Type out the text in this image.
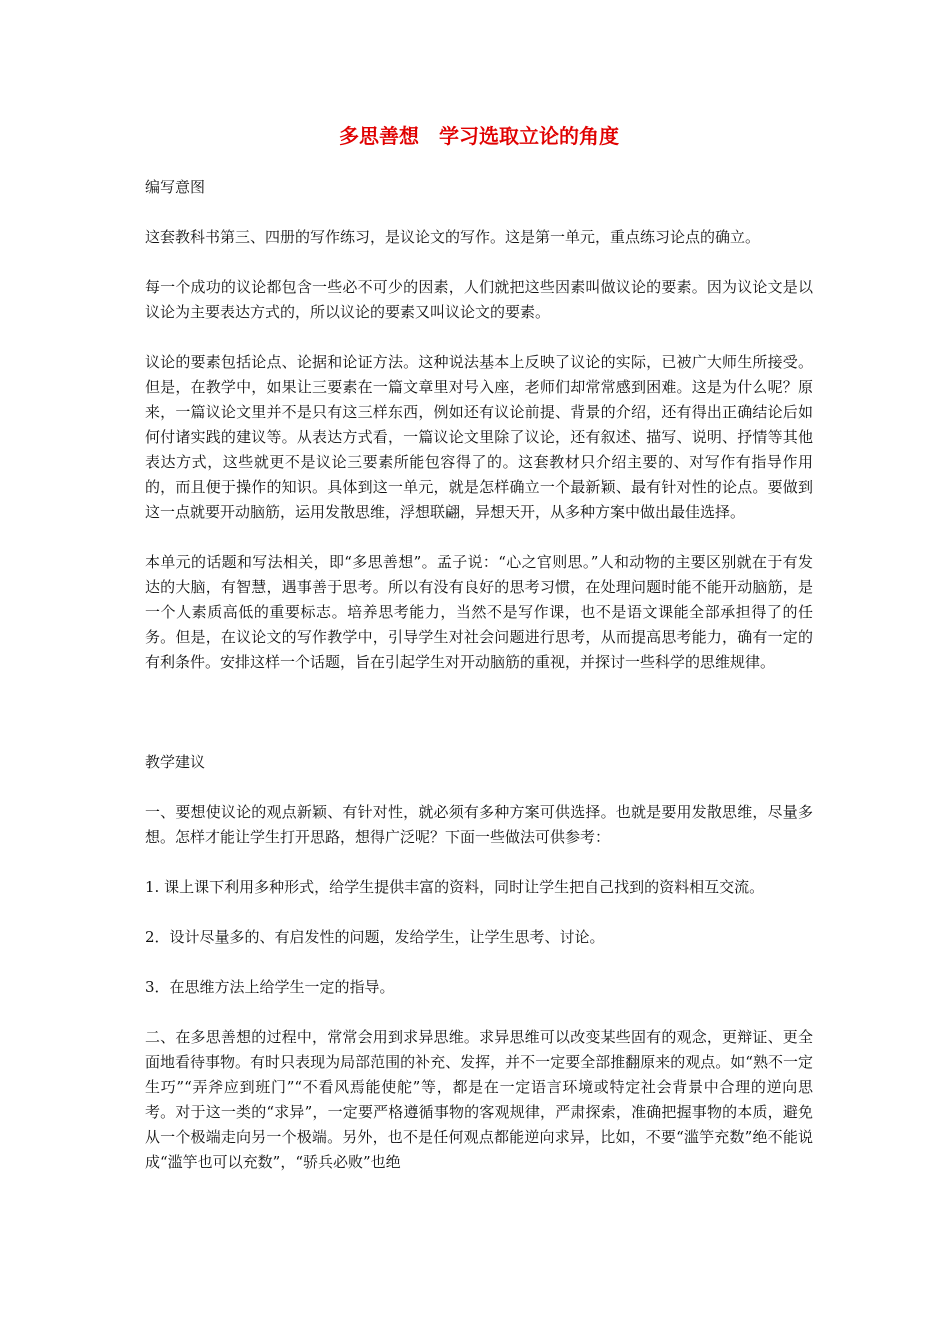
多思善想　学习选取立论的角度

编写意图

这套教科书第三、四册的写作练习，是议论文的写作。这是第一单元，重点练习论点的确立。

每一个成功的议论都包含一些必不可少的因素，人们就把这些因素叫做议论的要素。因为议论文是以议论为主要表达方式的，所以议论的要素又叫议论文的要素。

议论的要素包括论点、论据和论证方法。这种说法基本上反映了议论的实际，已被广大师生所接受。但是，在教学中，如果让三要素在一篇文章里对号入座，老师们却常常感到困难。这是为什么呢？原来，一篇议论文里并不是只有这三样东西，例如还有议论前提、背景的介绍，还有得出正确结论后如何付诸实践的建议等。从表达方式看，一篇议论文里除了议论，还有叙述、描写、说明、抒情等其他表达方式，这些就更不是议论三要素所能包容得了的。这套教材只介绍主要的、对写作有指导作用的，而且便于操作的知识。具体到这一单元，就是怎样确立一个最新颖、最有针对性的论点。要做到这一点就要开动脑筋，运用发散思维，浮想联翩，异想天开，从多种方案中做出最佳选择。

本单元的话题和写法相关，即“多思善想”。孟子说：“心之官则思。”人和动物的主要区别就在于有发达的大脑，有智慧，遇事善于思考。所以有没有良好的思考习惯，在处理问题时能不能开动脑筋，是一个人素质高低的重要标志。培养思考能力，当然不是写作课，也不是语文课能全部承担得了的任务。但是，在议论文的写作教学中，引导学生对社会问题进行思考，从而提高思考能力，确有一定的有利条件。安排这样一个话题，旨在引起学生对开动脑筋的重视，并探讨一些科学的思维规律。

教学建议

一、要想使议论的观点新颖、有针对性，就必须有多种方案可供选择。也就是要用发散思维，尽量多想。怎样才能让学生打开思路，想得广泛呢？下面一些做法可供参考：

1. 课上课下利用多种形式，给学生提供丰富的资料，同时让学生把自己找到的资料相互交流。

2．设计尽量多的、有启发性的问题，发给学生，让学生思考、讨论。

3．在思维方法上给学生一定的指导。

二、在多思善想的过程中，常常会用到求异思维。求异思维可以改变某些固有的观念，更辩证、更全面地看待事物。有时只表现为局部范围的补充、发挥，并不一定要全部推翻原来的观点。如“熟不一定生巧”“弄斧应到班门”“不看风焉能使舵”等，都是在一定语言环境或特定社会背景中合理的逆向思考。对于这一类的“求异”，一定要严格遵循事物的客观规律，严肃探索，准确把握事物的本质，避免从一个极端走向另一个极端。另外，也不是任何观点都能逆向求异，比如，不要“滥竽充数”绝不能说成“滥竽也可以充数”，“骄兵必败”也绝
